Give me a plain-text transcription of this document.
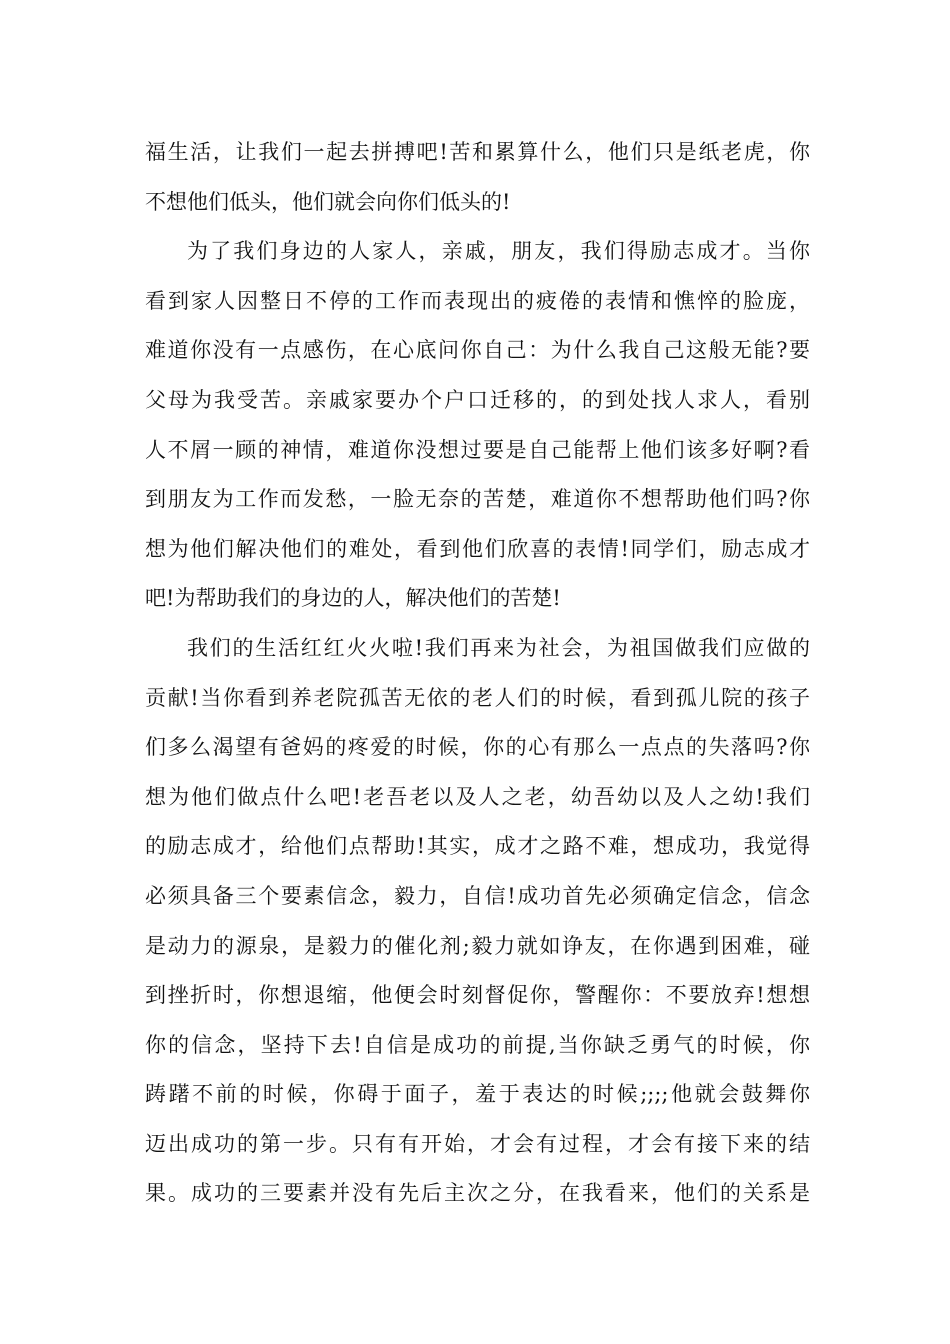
福生活，让我们一起去拼搏吧!苦和累算什么，他们只是纸老虎，你
不想他们低头，他们就会向你们低头的!
为了我们身边的人家人，亲戚，朋友，我们得励志成才。当你
看到家人因整日不停的工作而表现出的疲倦的表情和憔悴的脸庞，
难道你没有一点感伤，在心底问你自己：为什么我自己这般无能?要
父母为我受苦。亲戚家要办个户口迁移的，的到处找人求人，看别
人不屑一顾的神情，难道你没想过要是自己能帮上他们该多好啊?看
到朋友为工作而发愁，一脸无奈的苦楚，难道你不想帮助他们吗?你
想为他们解决他们的难处，看到他们欣喜的表情!同学们，励志成才
吧!为帮助我们的身边的人，解决他们的苦楚!
我们的生活红红火火啦!我们再来为社会，为祖国做我们应做的
贡献!当你看到养老院孤苦无依的老人们的时候，看到孤儿院的孩子
们多么渴望有爸妈的疼爱的时候，你的心有那么一点点的失落吗?你
想为他们做点什么吧!老吾老以及人之老，幼吾幼以及人之幼!我们
的励志成才，给他们点帮助!其实，成才之路不难，想成功，我觉得
必须具备三个要素信念，毅力，自信!成功首先必须确定信念，信念
是动力的源泉，是毅力的催化剂;毅力就如诤友，在你遇到困难，碰
到挫折时，你想退缩，他便会时刻督促你，警醒你：不要放弃!想想
你的信念，坚持下去!自信是成功的前提,当你缺乏勇气的时候，你
踌躇不前的时候，你碍于面子，羞于表达的时候;;;;他就会鼓舞你
迈出成功的第一步。只有有开始，才会有过程，才会有接下来的结
果。成功的三要素并没有先后主次之分，在我看来，他们的关系是
